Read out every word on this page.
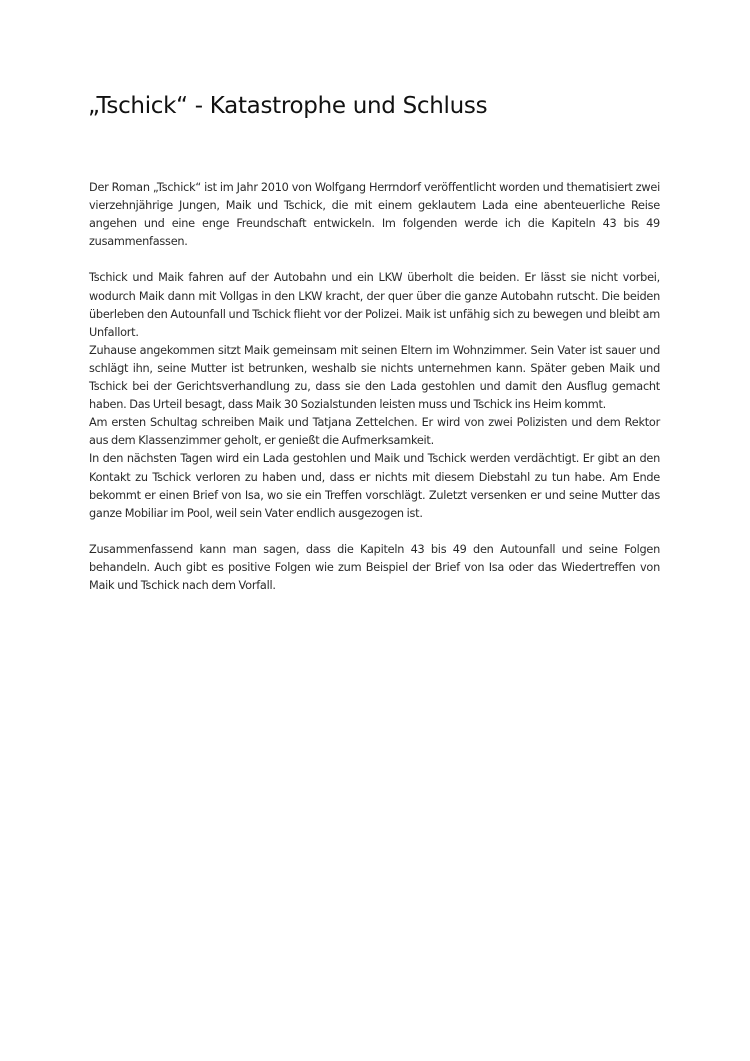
„Tschick“ - Katastrophe und Schluss

Der Roman „Tschick“ ist im Jahr 2010 von Wolfgang Herrndorf veröffentlicht worden und thematisiert zwei vierzehnjährige Jungen, Maik und Tschick, die mit einem geklautem Lada eine abenteuerliche Reise angehen und eine enge Freundschaft entwickeln. Im folgenden werde ich die Kapiteln 43 bis 49 zusammenfassen.

Tschick und Maik fahren auf der Autobahn und ein LKW überholt die beiden. Er lässt sie nicht vorbei, wodurch Maik dann mit Vollgas in den LKW kracht, der quer über die ganze Autobahn rutscht. Die beiden überleben den Autounfall und Tschick flieht vor der Polizei. Maik ist unfähig sich zu bewegen und bleibt am Unfallort.

Zuhause angekommen sitzt Maik gemeinsam mit seinen Eltern im Wohnzimmer. Sein Vater ist sauer und schlägt ihn, seine Mutter ist betrunken, weshalb sie nichts unternehmen kann. Später geben Maik und Tschick bei der Gerichtsverhandlung zu, dass sie den Lada gestohlen und damit den Ausflug gemacht haben. Das Urteil besagt, dass Maik 30 Sozialstunden leisten muss und Tschick ins Heim kommt.

Am ersten Schultag schreiben Maik und Tatjana Zettelchen. Er wird von zwei Polizisten und dem Rektor aus dem Klassenzimmer geholt, er genießt die Aufmerksamkeit.

In den nächsten Tagen wird ein Lada gestohlen und Maik und Tschick werden verdächtigt. Er gibt an den Kontakt zu Tschick verloren zu haben und, dass er nichts mit diesem Diebstahl zu tun habe. Am Ende bekommt er einen Brief von Isa, wo sie ein Treffen vorschlägt. Zuletzt versenken er und seine Mutter das ganze Mobiliar im Pool, weil sein Vater endlich ausgezogen ist.

Zusammenfassend kann man sagen, dass die Kapiteln 43 bis 49 den Autounfall und seine Folgen behandeln. Auch gibt es positive Folgen wie zum Beispiel der Brief von Isa oder das Wiedertreffen von Maik und Tschick nach dem Vorfall.
